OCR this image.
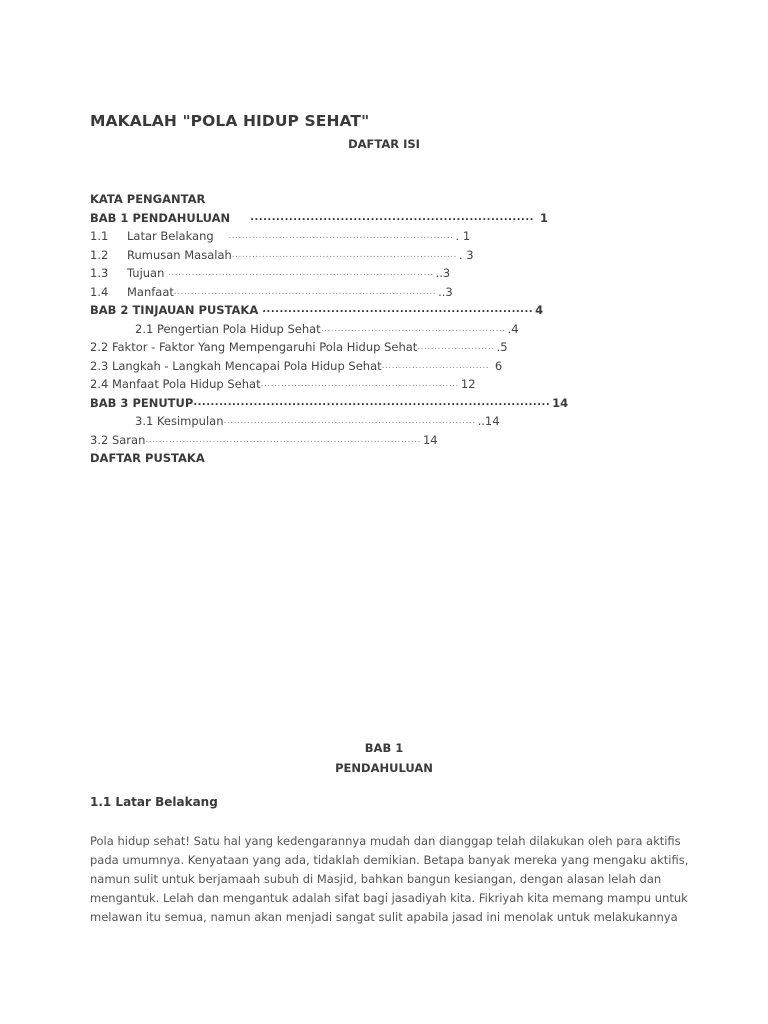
MAKALAH "POLA HIDUP SEHAT"
DAFTAR ISI
KATA PENGANTAR
BAB 1 PENDAHULUAN     .................................................................. 1
1.1 Latar Belakang    ................................................................... . 1
1.2 Rumusan Masalah................................................................... . 3
1.3 Tujuan ............................................................................... ..3
1.4 Manfaat.............................................................................. ..3
BAB 2 TINJAUAN PUSTAKA ............................................................... 4
2.1 Pengertian Pola Hidup Sehat....................................................... .4
2.2 Faktor - Faktor Yang Mempengaruhi Pola Hidup Sehat....................... .5
2.3 Langkah - Langkah Mencapai Pola Hidup Sehat................................ 6
2.4 Manfaat Pola Hidup Sehat........................................................... 12
BAB 3 PENUTUP................................................................................... 14
3.1 Kesimpulan........................................................................... ..14
3.2 Saran.................................................................................. 14
DAFTAR PUSTAKA
BAB 1
PENDAHULUAN
1.1 Latar Belakang

Pola hidup sehat! Satu hal yang kedengarannya mudah dan dianggap telah dilakukan oleh para aktifis

pada umumnya. Kenyataan yang ada, tidaklah demikian. Betapa banyak mereka yang mengaku aktifis,

namun sulit untuk berjamaah subuh di Masjid, bahkan bangun kesiangan, dengan alasan lelah dan

mengantuk. Lelah dan mengantuk adalah sifat bagi jasadiyah kita. Fikriyah kita memang mampu untuk

melawan itu semua, namun akan menjadi sangat sulit apabila jasad ini menolak untuk melakukannya
